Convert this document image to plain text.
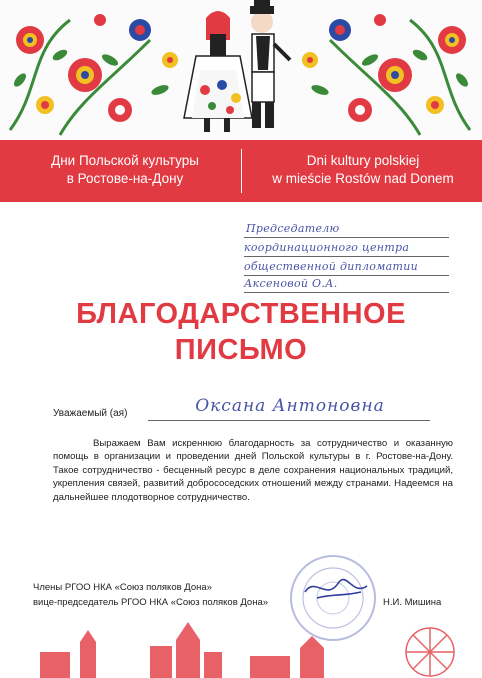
Дни Польской культуры
в Ростове-на-Дону
Dni kultury polskiej
w mieście Rostów nad Donem
Председателю
координационного центра
общественной дипломатии
Аксеновой О.А.
БЛАГОДАРСТВЕННОЕ
ПИСЬМО
Уважаемый (ая)	Оксана Антоновна

Выражаем Вам искреннюю благодарность за сотрудничество и оказанную помощь в организации и проведении дней Польской культуры в г. Ростове-на-Дону. Такое сотрудничество - бесценный ресурс в деле сохранения национальных традиций, укрепления связей, развитий добрососедских отношений между странами. Надеемся на дальнейшее плодотворное сотрудничество.

Члены РГОО НКА «Союз поляков Дона»
вице-председатель РГОО НКА «Союз поляков Дона»	Н.И. Мишина
